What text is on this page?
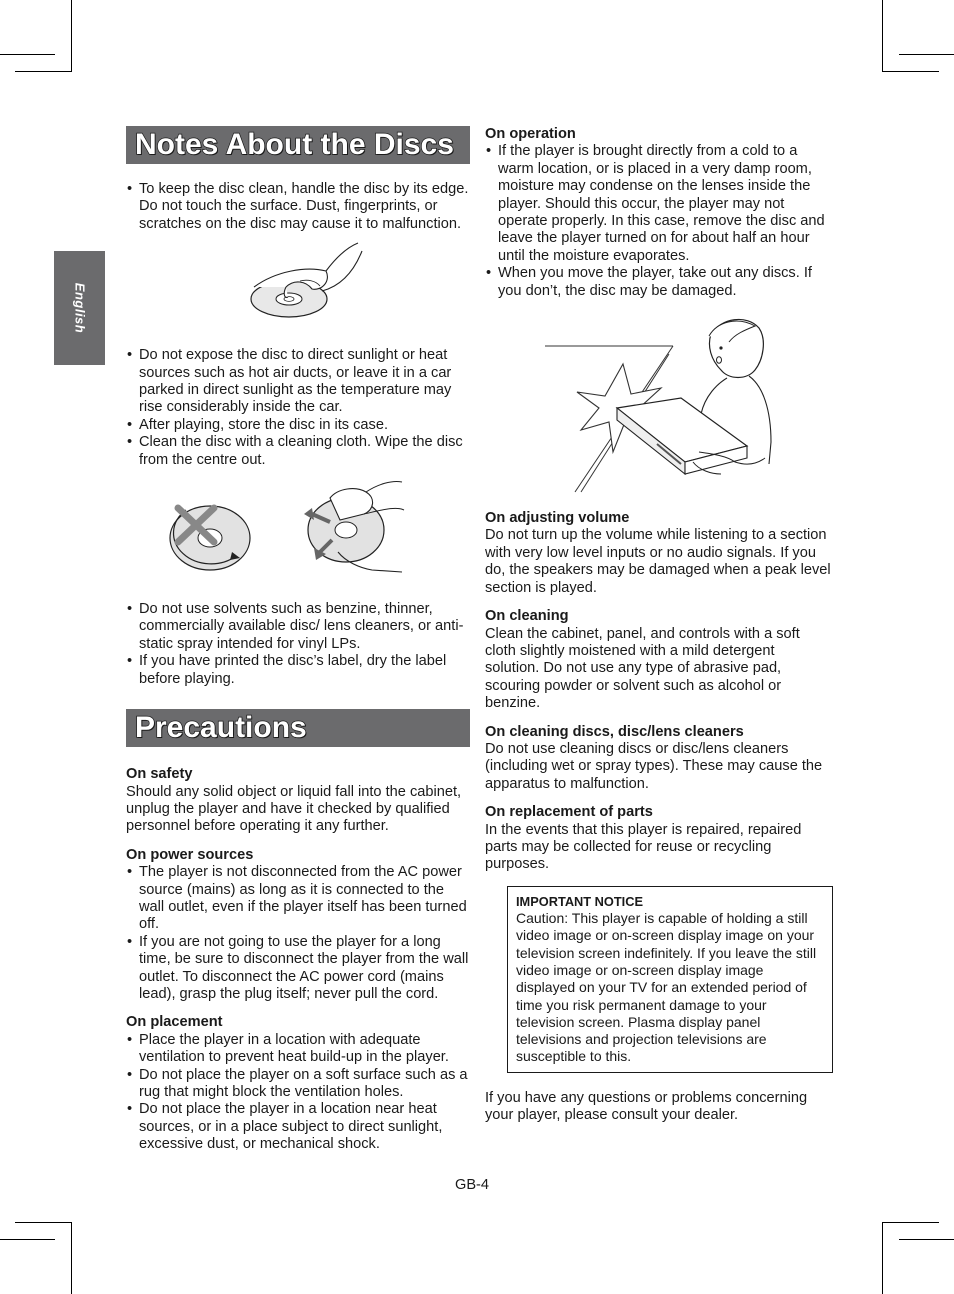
English
Notes About the Discs
• To keep the disc clean, handle the disc by its edge. Do not touch the surface. Dust, fingerprints, or scratches on the disc may cause it to malfunction.
• Do not expose the disc to direct sunlight or heat sources such as hot air ducts, or leave it in a car parked in direct sunlight as the temperature may rise considerably inside the car.
• After playing, store the disc in its case.
• Clean the disc with a cleaning cloth. Wipe the disc from the centre out.
• Do not use solvents such as benzine, thinner, commercially available disc/ lens cleaners, or anti-static spray intended for vinyl LPs.
• If you have printed the disc’s label, dry the label before playing.
Precautions

On safety

Should any solid object or liquid fall into the cabinet, unplug the player and have it checked by qualified personnel before operating it any further.

On power sources

• The player is not disconnected from the AC power source (mains) as long as it is connected to the wall outlet, even if the player itself has been turned off.
• If you are not going to use the player for a long time, be sure to disconnect the player from the wall outlet. To disconnect the AC power cord (mains lead), grasp the plug itself; never pull the cord.

On placement

• Place the player in a location with adequate ventilation to prevent heat build-up in the player.
• Do not place the player on a soft surface such as a rug that might block the ventilation holes.
• Do not place the player in a location near heat sources, or in a place subject to direct sunlight, excessive dust, or mechanical shock.

On operation

• If the player is brought directly from a cold to a warm location, or is placed in a very damp room, moisture may condense on the lenses inside the player. Should this occur, the player may not operate properly. In this case, remove the disc and leave the player turned on for about half an hour until the moisture evaporates.
• When you move the player, take out any discs. If you don’t, the disc may be damaged.

On adjusting volume

Do not turn up the volume while listening to a section with very low level inputs or no audio signals. If you do, the speakers may be damaged when a peak level section is played.

On cleaning

Clean the cabinet, panel, and controls with a soft cloth slightly moistened with a mild detergent solution. Do not use any type of abrasive pad, scouring powder or solvent such as alcohol or benzine.

On cleaning discs, disc/lens cleaners

Do not use cleaning discs or disc/lens cleaners (including wet or spray types). These may cause the apparatus to malfunction.

On replacement of parts

In the events that this player is repaired, repaired parts may be collected for reuse or recycling purposes.

IMPORTANT NOTICE
Caution: This player is capable of holding a still video image or on-screen display image on your television screen indefinitely. If you leave the still video image or on-screen display image displayed on your TV for an extended period of time you risk permanent damage to your television screen. Plasma display panel televisions and projection televisions are susceptible to this.

If you have any questions or problems concerning your player, please consult your dealer.

GB-4
